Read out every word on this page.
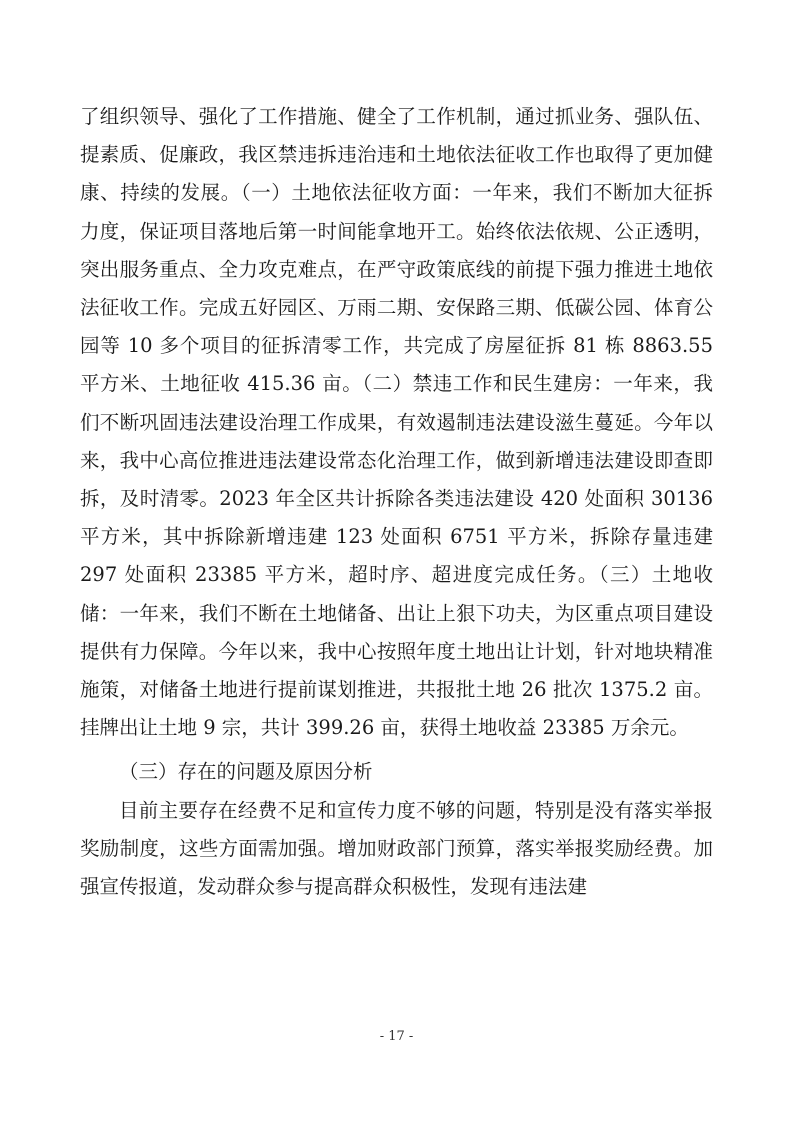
了组织领导、强化了工作措施、健全了工作机制，通过抓业务、强队伍、提素质、促廉政，我区禁违拆违治违和土地依法征收工作也取得了更加健康、持续的发展。（一）土地依法征收方面：一年来，我们不断加大征拆力度，保证项目落地后第一时间能拿地开工。始终依法依规、公正透明，突出服务重点、全力攻克难点，在严守政策底线的前提下强力推进土地依法征收工作。完成五好园区、万雨二期、安保路三期、低碳公园、体育公园等 10 多个项目的征拆清零工作，共完成了房屋征拆 81 栋 8863.55 平方米、土地征收 415.36 亩。（二）禁违工作和民生建房：一年来，我们不断巩固违法建设治理工作成果，有效遏制违法建设滋生蔓延。今年以来，我中心高位推进违法建设常态化治理工作，做到新增违法建设即查即拆，及时清零。2023 年全区共计拆除各类违法建设 420 处面积 30136 平方米，其中拆除新增违建 123 处面积 6751 平方米，拆除存量违建 297 处面积 23385 平方米，超时序、超进度完成任务。（三）土地收储：一年来，我们不断在土地储备、出让上狠下功夫，为区重点项目建设提供有力保障。今年以来，我中心按照年度土地出让计划，针对地块精准施策，对储备土地进行提前谋划推进，共报批土地 26 批次 1375.2 亩。挂牌出让土地 9 宗，共计 399.26 亩，获得土地收益 23385 万余元。

（三）存在的问题及原因分析

目前主要存在经费不足和宣传力度不够的问题，特别是没有落实举报奖励制度，这些方面需加强。增加财政部门预算，落实举报奖励经费。加强宣传报道，发动群众参与提高群众积极性，发现有违法建

- 17 -
